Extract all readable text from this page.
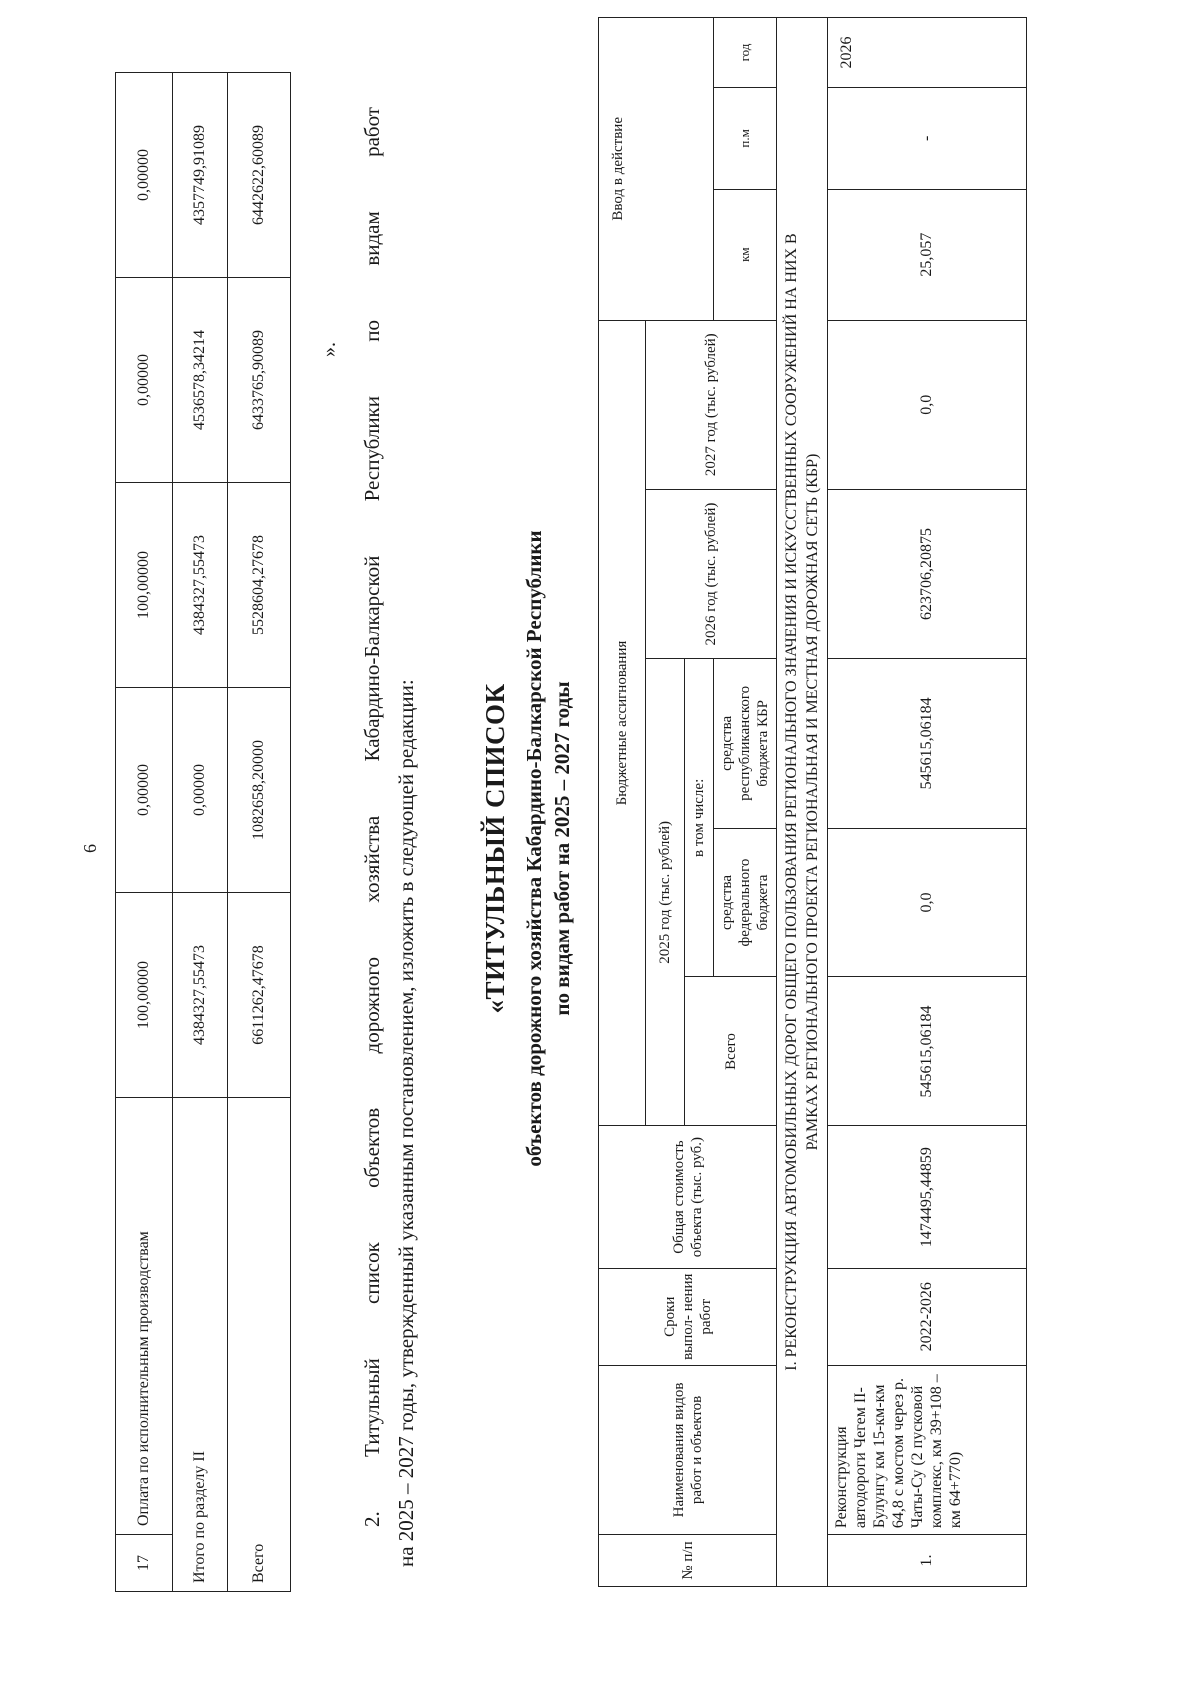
6
17	Оплата по исполнительным производствам	100,00000	0,00000	100,00000	0,00000	0,00000
Итого по разделу II		4384327,55473	0,00000	4384327,55473	4536578,34214	4357749,91089
Всего		6611262,47678	1082658,20000	5528604,27678	6433765,90089	6442622,60089
». 2. Титульный список объектов дорожного хозяйства Кабардино-Балкарской Республики по видам работ на 2025 – 2027 годы, утвержденный указанным постановлением, изложить в следующей редакции: «ТИТУЛЬНЫЙ СПИСОК объектов дорожного хозяйства Кабардино-Балкарской Республики по видам работ на 2025 – 2027 годы
№ п/п	Наименования видов работ и объектов	Сроки выпол- нения работ	Общая стоимость объекта (тыс. руб.)	Бюджетные ассигнования					Ввод в действие		
				2025 год (тыс. рублей)			2026 год (тыс. рублей)	2027 год (тыс. рублей)			
				Всего	в том числе:						
					средства федерального бюджета	средства республиканского бюджета КБР					
									км	п.м	год

I. РЕКОНСТРУКЦИЯ АВТОМОБИЛЬНЫХ ДОРОГ ОБЩЕГО ПОЛЬЗОВАНИЯ РЕГИОНАЛЬНОГО ЗНАЧЕНИЯ И ИСКУССТВЕННЫХ СООРУЖЕНИЙ НА НИХ В РАМКАХ РЕГИОНАЛЬНОГО ПРОЕКТА РЕГИОНАЛЬНАЯ И МЕСТНАЯ ДОРОЖНАЯ СЕТЬ (КБР)											

1.	Реконструкция автодороги Чегем II-Булунгу км 15-км-км 64,8 с мостом через р. Чаты-Су (2 пусковой комплекс, км 39+108 – км 64+770)	2022-2026	1474495,44859	545615,06184	0,0	545615,06184	623706,20875	0,0	25,057	-	2026
